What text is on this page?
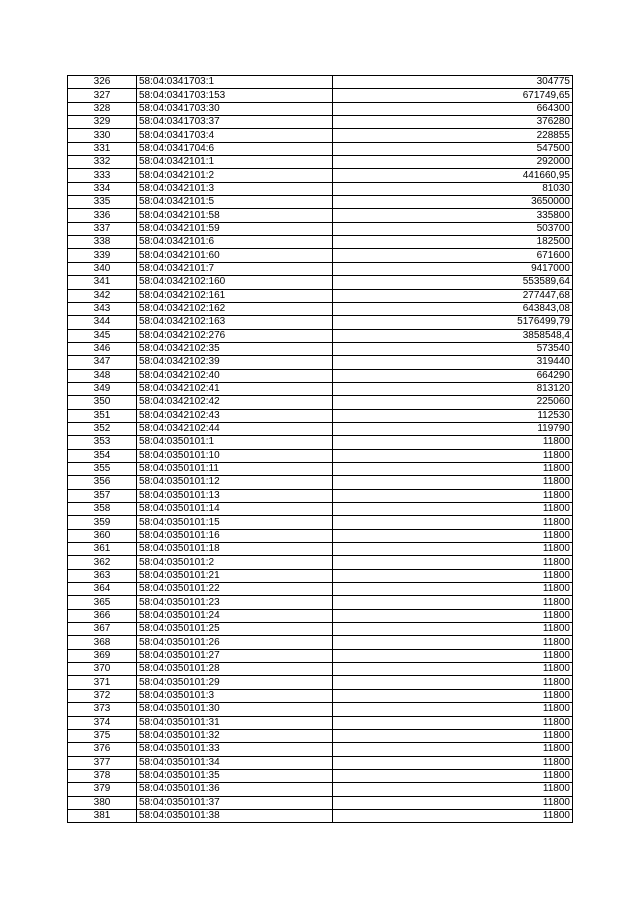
326	58:04:0341703:1	304775
327	58:04:0341703:153	671749,65
328	58:04:0341703:30	664300
329	58:04:0341703:37	376280
330	58:04:0341703:4	228855
331	58:04:0341704:6	547500
332	58:04:0342101:1	292000
333	58:04:0342101:2	441660,95
334	58:04:0342101:3	81030
335	58:04:0342101:5	3650000
336	58:04:0342101:58	335800
337	58:04:0342101:59	503700
338	58:04:0342101:6	182500
339	58:04:0342101:60	671600
340	58:04:0342101:7	9417000
341	58:04:0342102:160	553589,64
342	58:04:0342102:161	277447,68
343	58:04:0342102:162	643843,08
344	58:04:0342102:163	5176499,79
345	58:04:0342102:276	3858548,4
346	58:04:0342102:35	573540
347	58:04:0342102:39	319440
348	58:04:0342102:40	664290
349	58:04:0342102:41	813120
350	58:04:0342102:42	225060
351	58:04:0342102:43	112530
352	58:04:0342102:44	119790
353	58:04:0350101:1	11800
354	58:04:0350101:10	11800
355	58:04:0350101:11	11800
356	58:04:0350101:12	11800
357	58:04:0350101:13	11800
358	58:04:0350101:14	11800
359	58:04:0350101:15	11800
360	58:04:0350101:16	11800
361	58:04:0350101:18	11800
362	58:04:0350101:2	11800
363	58:04:0350101:21	11800
364	58:04:0350101:22	11800
365	58:04:0350101:23	11800
366	58:04:0350101:24	11800
367	58:04:0350101:25	11800
368	58:04:0350101:26	11800
369	58:04:0350101:27	11800
370	58:04:0350101:28	11800
371	58:04:0350101:29	11800
372	58:04:0350101:3	11800
373	58:04:0350101:30	11800
374	58:04:0350101:31	11800
375	58:04:0350101:32	11800
376	58:04:0350101:33	11800
377	58:04:0350101:34	11800
378	58:04:0350101:35	11800
379	58:04:0350101:36	11800
380	58:04:0350101:37	11800
381	58:04:0350101:38	11800
